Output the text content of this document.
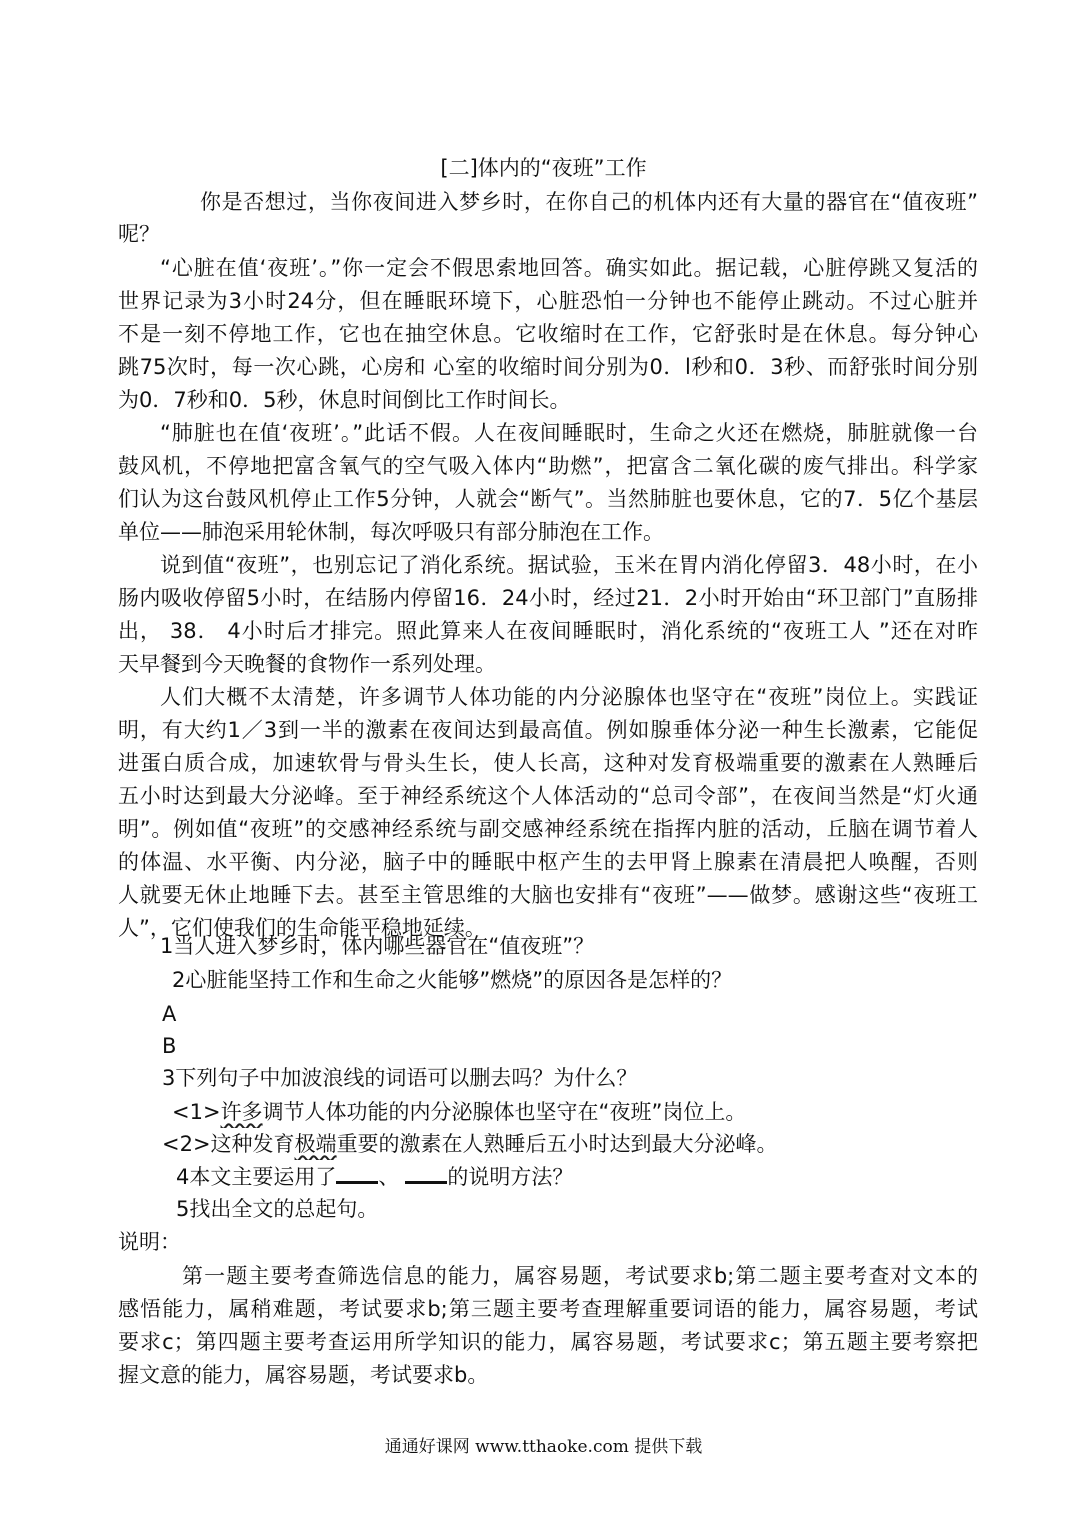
[二]体内的“夜班”工作
你是否想过，当你夜间进入梦乡时，在你自己的机体内还有大量的器官在“值夜班”
呢？
“心脏在值‘夜班’。”你一定会不假思索地回答。确实如此。据记载，心脏停跳又复活的
世界记录为3小时24分，但在睡眠环境下，心脏恐怕一分钟也不能停止跳动。不过心脏并
不是一刻不停地工作，它也在抽空休息。它收缩时在工作，它舒张时是在休息。每分钟心
跳75次时，每一次心跳，心房和 心室的收缩时间分别为0．l秒和0．3秒、而舒张时间分别
为0．7秒和0．5秒，休息时间倒比工作时间长。
“肺脏也在值‘夜班’。”此话不假。人在夜间睡眠时，生命之火还在燃烧，肺脏就像一台
鼓风机，不停地把富含氧气的空气吸入体内“助燃”，把富含二氧化碳的废气排出。科学家
们认为这台鼓风机停止工作5分钟，人就会“断气”。当然肺脏也要休息，它的7．5亿个基层
单位——肺泡采用轮休制，每次呼吸只有部分肺泡在工作。
说到值“夜班”，也别忘记了消化系统。据试验，玉米在胃内消化停留3．48小时，在小
肠内吸收停留5小时，在结肠内停留16．24小时，经过21．2小时开始由“环卫部门”直肠排
出， 38． 4小时后才排完。照此算来人在夜间睡眠时，消化系统的“夜班工人 ”还在对昨
天早餐到今天晚餐的食物作一系列处理。
人们大概不太清楚，许多调节人体功能的内分泌腺体也坚守在“夜班”岗位上。实践证
明，有大约1／3到一半的激素在夜间达到最高值。例如腺垂体分泌一种生长激素，它能促
进蛋白质合成，加速软骨与骨头生长，使人长高，这种对发育极端重要的激素在人熟睡后
五小时达到最大分泌峰。至于神经系统这个人体活动的“总司令部”，在夜间当然是“灯火通
明”。例如值“夜班”的交感神经系统与副交感神经系统在指挥内脏的活动，丘脑在调节着人
的体温、水平衡、内分泌，脑子中的睡眠中枢产生的去甲肾上腺素在清晨把人唤醒，否则
人就要无休止地睡下去。甚至主管思维的大脑也安排有“夜班”——做梦。感谢这些“夜班工
人”，它们使我们的生命能平稳地延续。
1当人进入梦乡时，体内哪些器官在“值夜班”？
2心脏能坚持工作和生命之火能够”燃烧”的原因各是怎样的？
A
B
3下列句子中加波浪线的词语可以删去吗？为什么？
<1>许多调节人体功能的内分泌腺体也坚守在“夜班”岗位上。
<2>这种发育极端重要的激素在人熟睡后五小时达到最大分泌峰。
4本文主要运用了 、 的说明方法？
5找出全文的总起句。
说明：
第一题主要考查筛选信息的能力，属容易题，考试要求b;第二题主要考查对文本的
感悟能力，属稍难题，考试要求b;第三题主要考查理解重要词语的能力，属容易题，考试
要求c；第四题主要考查运用所学知识的能力，属容易题，考试要求c；第五题主要考察把
握文意的能力，属容易题，考试要求b。
通通好课网 www.tthaoke.com 提供下载
